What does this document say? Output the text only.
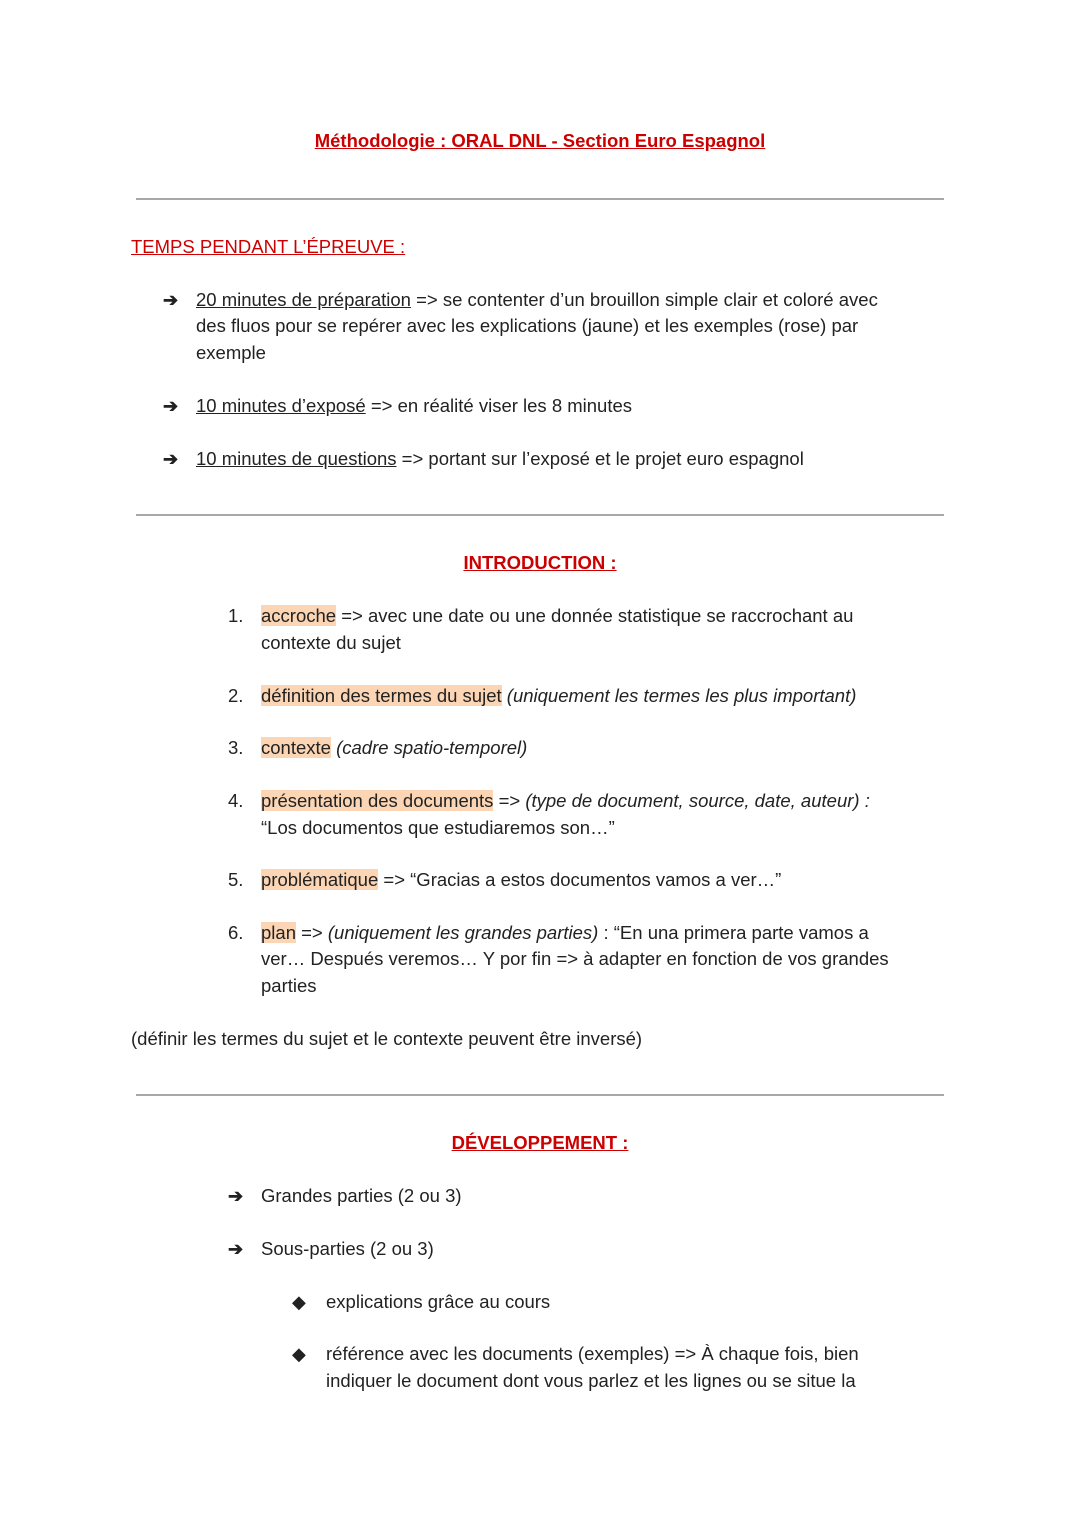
Méthodologie : ORAL DNL - Section Euro Espagnol
TEMPS PENDANT L’ÉPREUVE :
➔ 20 minutes de préparation => se contenter d’un brouillon simple clair et coloré avec
des fluos pour se repérer avec les explications (jaune) et les exemples (rose) par
exemple
➔ 10 minutes d’exposé => en réalité viser les 8 minutes
➔ 10 minutes de questions => portant sur l’exposé et le projet euro espagnol
INTRODUCTION :
1. accroche => avec une date ou une donnée statistique se raccrochant au
contexte du sujet
2. définition des termes du sujet (uniquement les termes les plus important)
3. contexte (cadre spatio-temporel)
4. présentation des documents => (type de document, source, date, auteur) :
“Los documentos que estudiaremos son…”
5. problématique => “Gracias a estos documentos vamos a ver…”
6. plan => (uniquement les grandes parties) : “En una primera parte vamos a
ver… Después veremos… Y por fin => à adapter en fonction de vos grandes
parties
(définir les termes du sujet et le contexte peuvent être inversé)
DÉVELOPPEMENT :
➔ Grandes parties (2 ou 3)
➔ Sous-parties (2 ou 3)
◆ explications grâce au cours
◆ référence avec les documents (exemples) => À chaque fois, bien
indiquer le document dont vous parlez et les lignes ou se situe la
